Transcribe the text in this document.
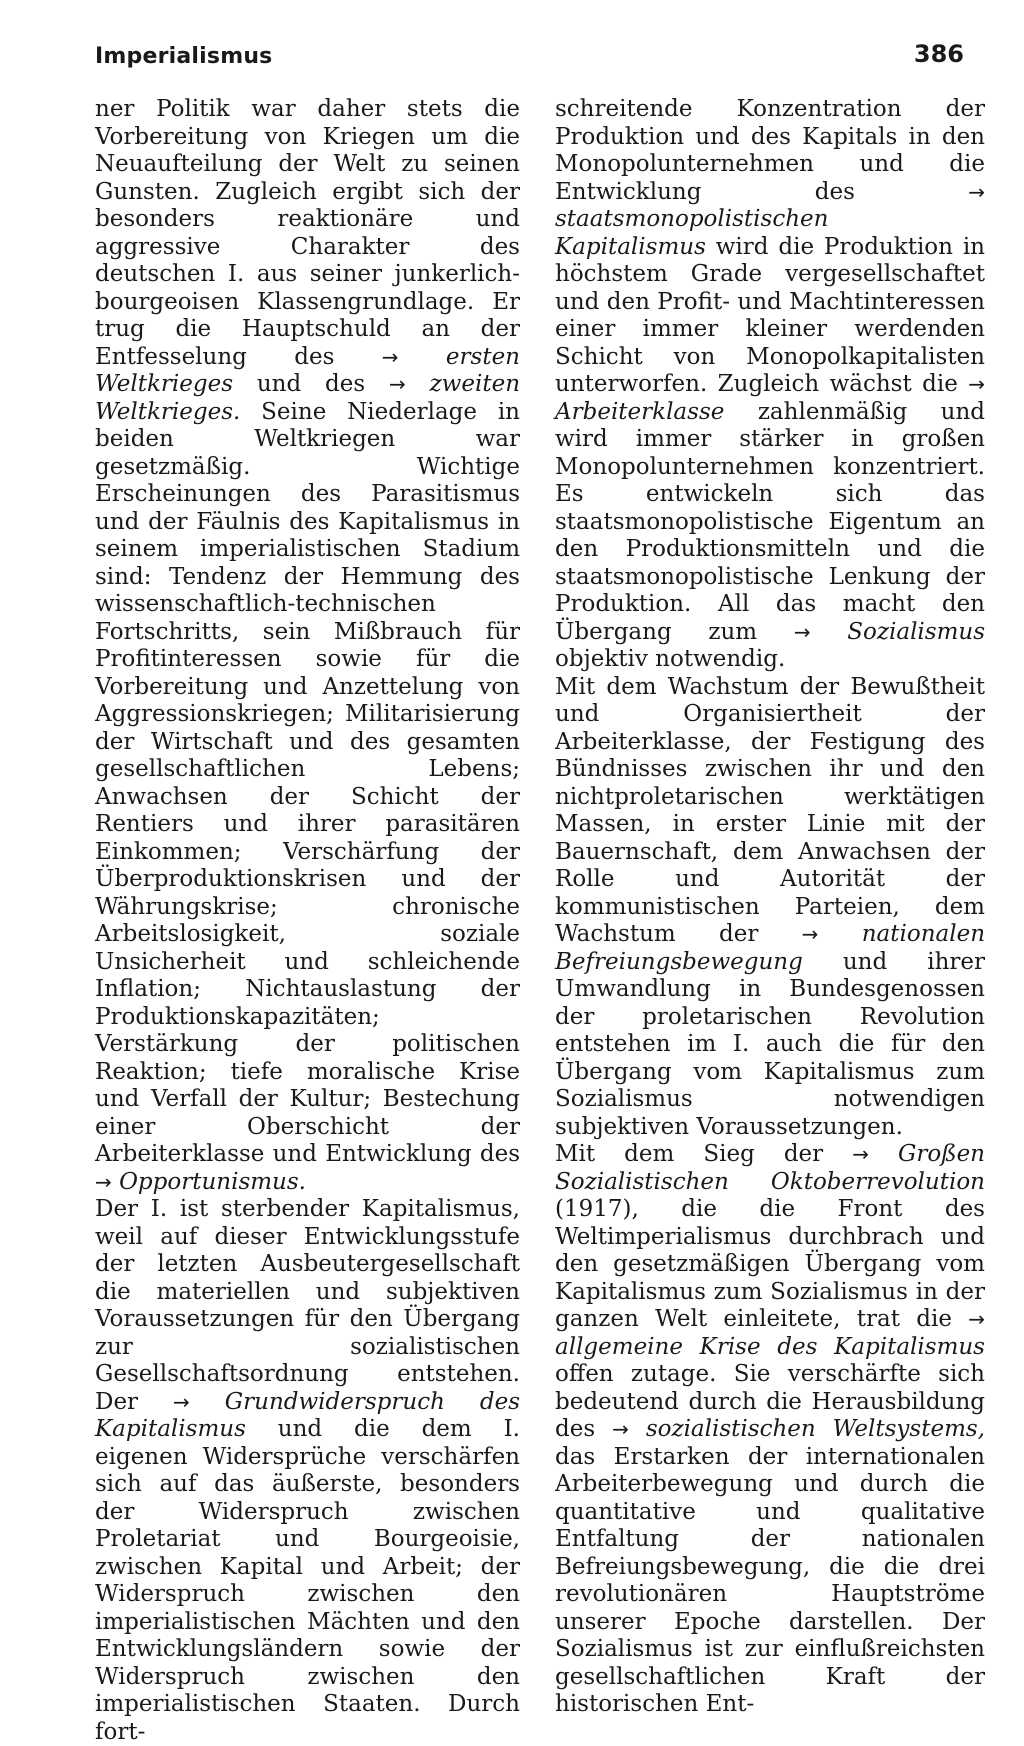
Imperialismus	386

ner Politik war daher stets die Vorbereitung von Kriegen um die Neuaufteilung der Welt zu seinen Gunsten. Zugleich ergibt sich der besonders reaktionäre und aggressive Charakter des deutschen I. aus seiner junkerlich-bourgeoisen Klassengrundlage. Er trug die Hauptschuld an der Entfesselung des → ersten Weltkrieges und des → zweiten Weltkrieges. Seine Niederlage in beiden Weltkriegen war gesetzmäßig. Wichtige Erscheinungen des Parasitismus und der Fäulnis des Kapitalismus in seinem imperialistischen Stadium sind: Tendenz der Hemmung des wissenschaftlich-technischen Fortschritts, sein Mißbrauch für Profitinteressen sowie für die Vorbereitung und Anzettelung von Aggressionskriegen; Militarisierung der Wirtschaft und des gesamten gesellschaftlichen Lebens; Anwachsen der Schicht der Rentiers und ihrer parasitären Einkommen; Verschärfung der Überproduktionskrisen und der Währungskrise; chronische Arbeitslosigkeit, soziale Unsicherheit und schleichende Inflation; Nichtauslastung der Produktionskapazitäten; Verstärkung der politischen Reaktion; tiefe moralische Krise und Verfall der Kultur; Bestechung einer Oberschicht der Arbeiterklasse und Entwicklung des → Opportunismus.

Der I. ist sterbender Kapitalismus, weil auf dieser Entwicklungsstufe der letzten Ausbeutergesellschaft die materiellen und subjektiven Voraussetzungen für den Übergang zur sozialistischen Gesellschaftsordnung entstehen. Der → Grundwiderspruch des Kapitalismus und die dem I. eigenen Widersprüche verschärfen sich auf das äußerste, besonders der Widerspruch zwischen Proletariat und Bourgeoisie, zwischen Kapital und Arbeit; der Widerspruch zwischen den imperialistischen Mächten und den Entwicklungsländern sowie der Widerspruch zwischen den imperialistischen Staaten. Durch fort-

schreitende Konzentration der Produktion und des Kapitals in den Monopolunternehmen und die Entwicklung des → staatsmonopolistischen Kapitalismus wird die Produktion in höchstem Grade vergesellschaftet und den Profit- und Machtinteressen einer immer kleiner werdenden Schicht von Monopolkapitalisten unterworfen. Zugleich wächst die → Arbeiterklasse zahlenmäßig und wird immer stärker in großen Monopolunternehmen konzentriert. Es entwickeln sich das staatsmonopolistische Eigentum an den Produktionsmitteln und die staatsmonopolistische Lenkung der Produktion. All das macht den Übergang zum → Sozialismus objektiv notwendig.

Mit dem Wachstum der Bewußtheit und Organisiertheit der Arbeiterklasse, der Festigung des Bündnisses zwischen ihr und den nichtproletarischen werktätigen Massen, in erster Linie mit der Bauernschaft, dem Anwachsen der Rolle und Autorität der kommunistischen Parteien, dem Wachstum der → nationalen Befreiungsbewegung und ihrer Umwandlung in Bundesgenossen der proletarischen Revolution entstehen im I. auch die für den Übergang vom Kapitalismus zum Sozialismus notwendigen subjektiven Voraussetzungen.

Mit dem Sieg der → Großen Sozialistischen Oktoberrevolution (1917), die die Front des Weltimperialismus durchbrach und den gesetzmäßigen Übergang vom Kapitalismus zum Sozialismus in der ganzen Welt einleitete, trat die → allgemeine Krise des Kapitalismus offen zutage. Sie verschärfte sich bedeutend durch die Herausbildung des → sozialistischen Weltsystems, das Erstarken der internationalen Arbeiterbewegung und durch die quantitative und qualitative Entfaltung der nationalen Befreiungsbewegung, die die drei revolutionären Hauptströme unserer Epoche darstellen. Der Sozialismus ist zur einflußreichsten gesellschaftlichen Kraft der historischen Ent-
